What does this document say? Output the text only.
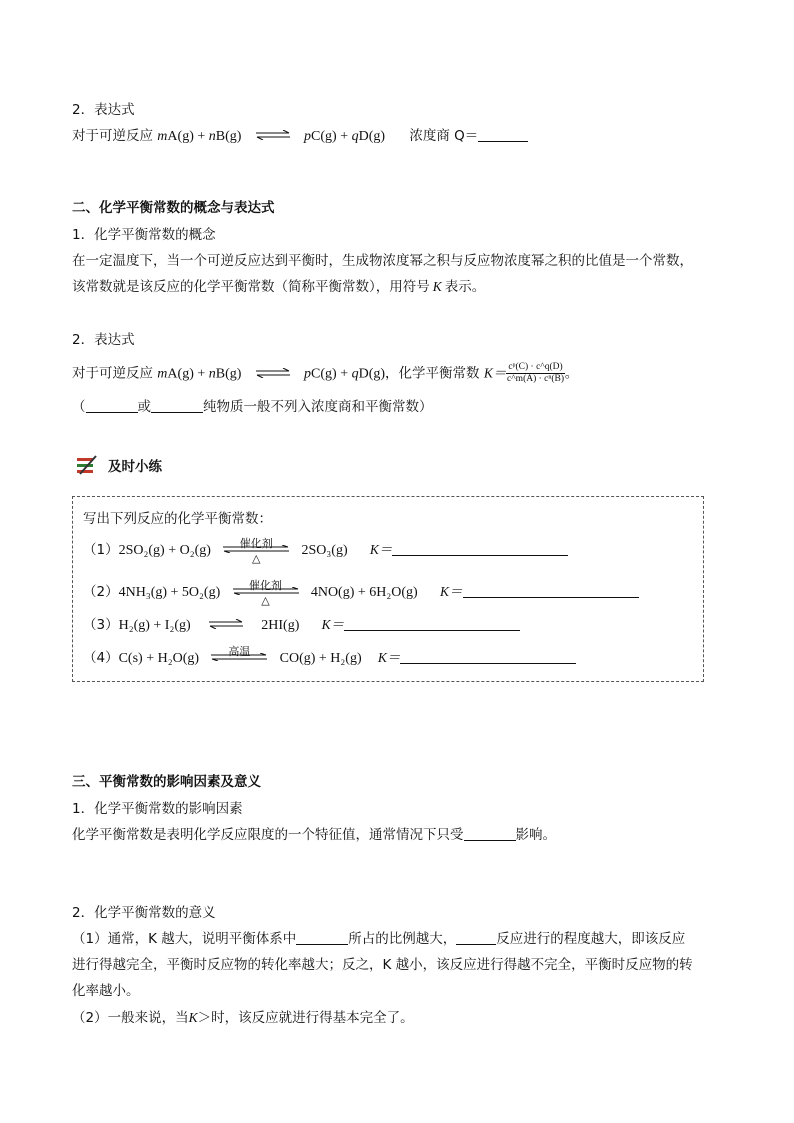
2．表达式
对于可逆反应 mA(g) + nB(g) ⇌ pC(g) + qD(g) 浓度商 Q＝
二、化学平衡常数的概念与表达式
1．化学平衡常数的概念
在一定温度下，当一个可逆反应达到平衡时，生成物浓度幂之积与反应物浓度幂之积的比值是一个常数，
该常数就是该反应的化学平衡常数（简称平衡常数），用符号 K 表示。
2．表达式
对于可逆反应 mA(g) + nB(g) ⇌ pC(g) + qD(g)，化学平衡常数 $K= \frac{\text{cᵖ(C) · c\textasciicircum{}q(D)}}{\text{c\textasciicircum{}m(A) · cⁿ(B)}}$ 。
（	或	纯物质一般不列入浓度商和平衡常数）
及时小练
写出下列反应的化学平衡常数：
（1）2SO₂(g) + O₂(g)	催化剂
△
2SO₃(g) K＝
（2）4NH₃(g) + 5O₂(g)	催化剂
△
4NO(g) + 6H₂O(g) K＝
（3）H₂(g) + I₂(g) ⇌ 2HI(g) K＝
（4）C(s) + H₂O(g)	高温	CO(g) + H₂(g) K＝
三、平衡常数的影响因素及意义
1．化学平衡常数的影响因素
化学平衡常数是表明化学反应限度的一个特征值，通常情况下只受	影响。
2．化学平衡常数的意义
（1）通常，K 越大，说明平衡体系中	所占的比例越大，	反应进行的程度越大，即该反应
进行得越完全，平衡时反应物的转化率越大；反之，K 越小，该反应进行得越不完全，平衡时反应物的转
化率越小。
（2）一般来说，当K＞时，该反应就进行得基本完全了。
